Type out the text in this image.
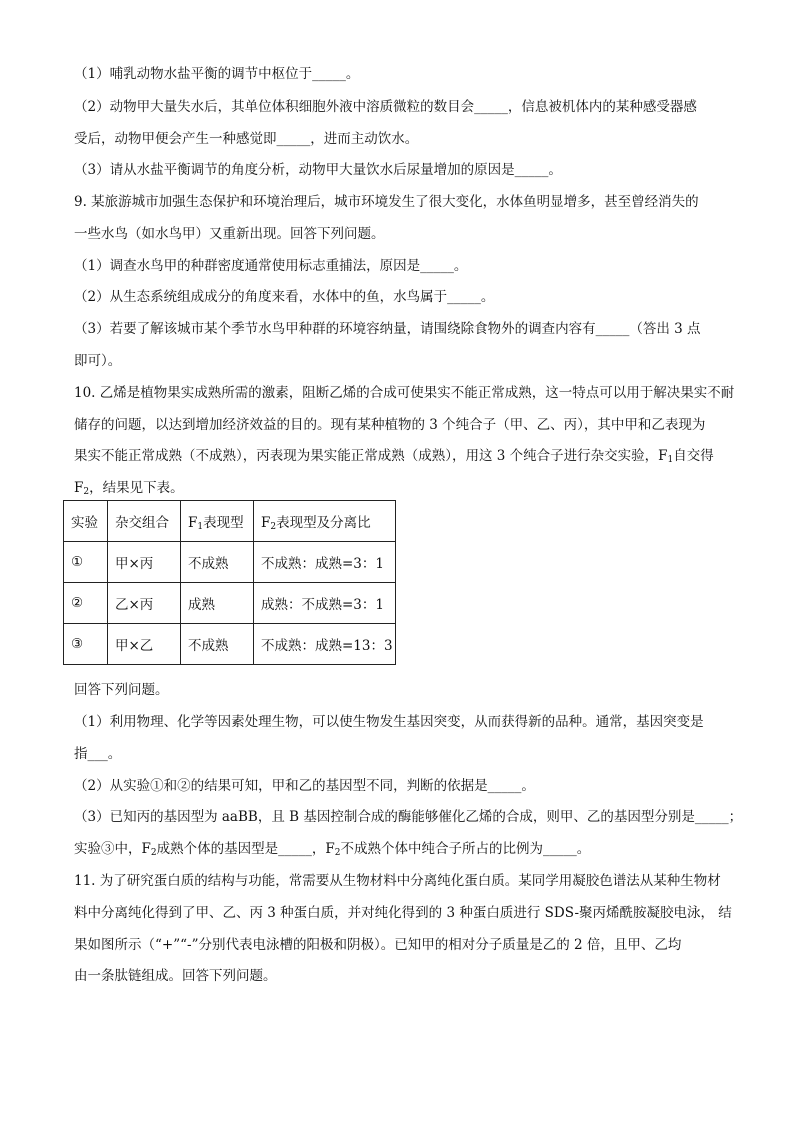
（1）哺乳动物水盐平衡的调节中枢位于_____。
（2）动物甲大量失水后，其单位体积细胞外液中溶质微粒的数目会_____，信息被机体内的某种感受器感
受后，动物甲便会产生一种感觉即_____，进而主动饮水。
（3）请从水盐平衡调节的角度分析，动物甲大量饮水后尿量增加的原因是_____。
9. 某旅游城市加强生态保护和环境治理后，城市环境发生了很大变化，水体鱼明显增多，甚至曾经消失的
一些水鸟（如水鸟甲）又重新出现。回答下列问题。
（1）调查水鸟甲的种群密度通常使用标志重捕法，原因是_____。
（2）从生态系统组成成分的角度来看，水体中的鱼，水鸟属于_____。
（3）若要了解该城市某个季节水鸟甲种群的环境容纳量，请围绕除食物外的调查内容有_____（答出 3 点
即可）。
10. 乙烯是植物果实成熟所需的激素，阻断乙烯的合成可使果实不能正常成熟，这一特点可以用于解决果实不耐
储存的问题，以达到增加经济效益的目的。现有某种植物的 3 个纯合子（甲、乙、丙），其中甲和乙表现为
果实不能正常成熟（不成熟），丙表现为果实能正常成熟（成熟），用这 3 个纯合子进行杂交实验，$F_1$自交得
$F_2$，结果见下表。
实验	杂交组合	$F_1$表现型	$F_2$表现型及分离比
①	甲×丙	不成熟	不成熟：成熟=3：1
②	乙×丙	成熟	成熟：不成熟=3：1
③	甲×乙	不成熟	不成熟：成熟=13：3
回答下列问题。
（1）利用物理、化学等因素处理生物，可以使生物发生基因突变，从而获得新的品种。通常，基因突变是
指___。
（2）从实验①和②的结果可知，甲和乙的基因型不同，判断的依据是_____。
（3）已知丙的基因型为 aaBB，且 B 基因控制合成的酶能够催化乙烯的合成，则甲、乙的基因型分别是_____；
实验③中，$F_2$成熟个体的基因型是_____，$F_2$不成熟个体中纯合子所占的比例为_____。
11. 为了研究蛋白质的结构与功能，常需要从生物材料中分离纯化蛋白质。某同学用凝胶色谱法从某种生物材
料中分离纯化得到了甲、乙、丙 3 种蛋白质，并对纯化得到的 3 种蛋白质进行 SDS-聚丙烯酰胺凝胶电泳， 结
果如图所示（“+”“-”分别代表电泳槽的阳极和阴极）。已知甲的相对分子质量是乙的 2 倍，且甲、乙均
由一条肽链组成。回答下列问题。
